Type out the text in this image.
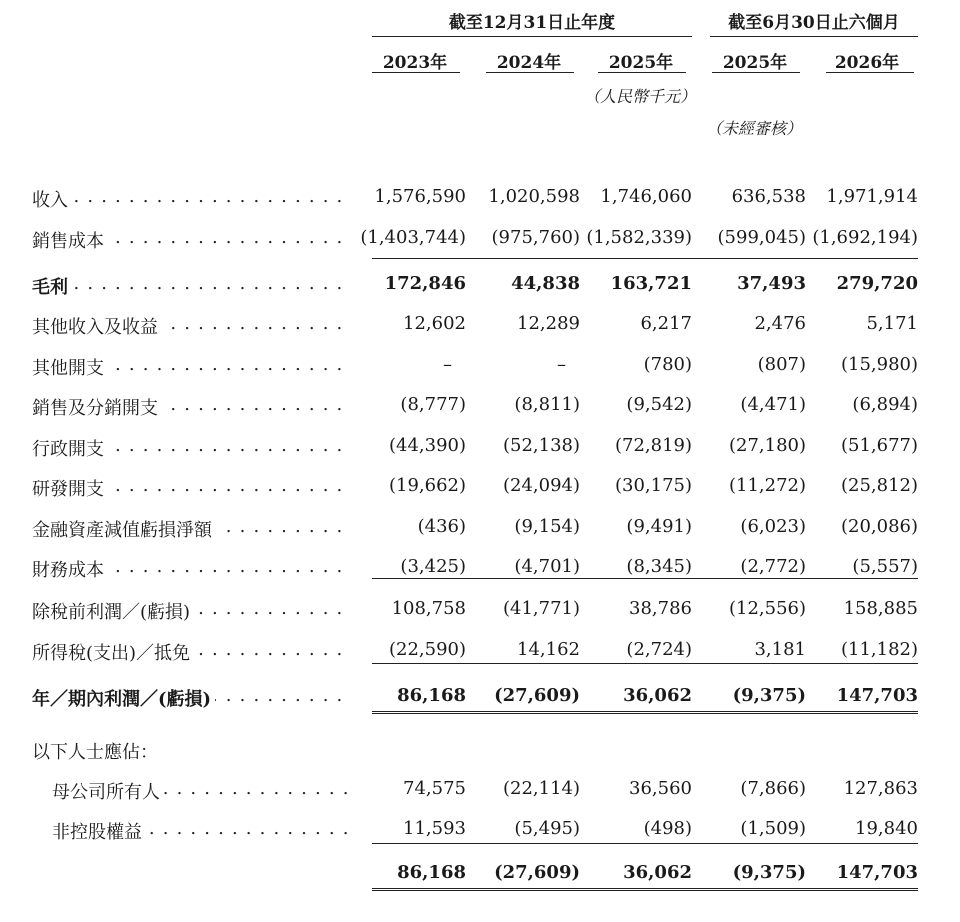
截至12月31日止年度	截至6月30日止六個月
2023年	2024年	2025年	2025年	2026年
（人民幣千元）
（未經審核）
收入 . . .	1,576,590	1,020,598	1,746,060	636,538	1,971,914
銷售成本 . . .	(1,403,744)	(975,760) (1,582,339)	(599,045) (1,692,194)
毛利 . . .	172,846	44,838	163,721	37,493	279,720
其他收入及收益 . . .	12,602	12,289	6,217	2,476	5,171
其他開支 . . .	–	–	(780)	(807)	(15,980)
銷售及分銷開支 . . .	(8,777)	(8,811)	(9,542)	(4,471)	(6,894)
行政開支 . . .	(44,390)	(52,138)	(72,819)	(27,180)	(51,677)
研發開支 . . .	(19,662)	(24,094)	(30,175)	(11,272)	(25,812)
金融資產減值虧損淨額 . . .	(436)	(9,154)	(9,491)	(6,023)	(20,086)
財務成本 . . .	(3,425)	(4,701)	(8,345)	(2,772)	(5,557)
除稅前利潤／(虧損) . . .	108,758	(41,771)	38,786	(12,556)	158,885
所得稅(支出)／抵免 . . .	(22,590)	14,162	(2,724)	3,181	(11,182)
年／期內利潤／(虧損) . . .	86,168	(27,609)	36,062	(9,375)	147,703
以下人士應佔： . . .
母公司所有人 . . .	74,575	(22,114)	36,560	(7,866)	127,863
非控股權益 . . .	11,593	(5,495)	(498)	(1,509)	19,840
86,168	(27,609)	36,062	(9,375)	147,703
